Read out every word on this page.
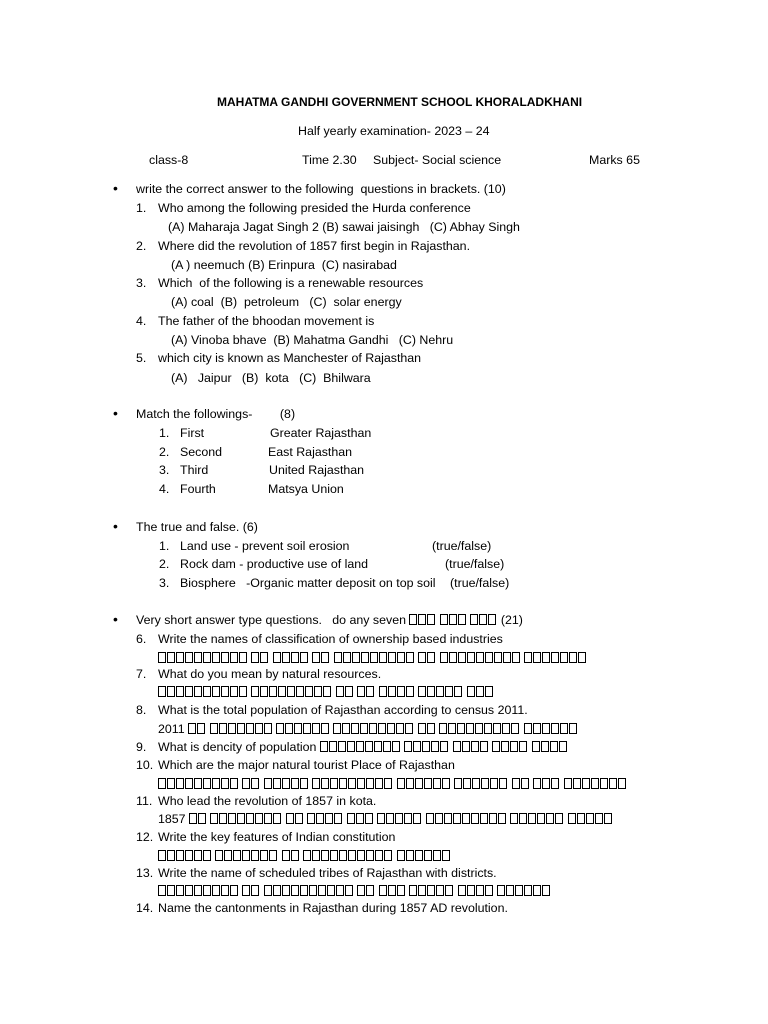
MAHATMA GANDHI GOVERNMENT SCHOOL KHORALADKHANI
Half yearly examination- 2023 – 24
class-8	Time 2.30 Subject- Social science	Marks 65
• write the correct answer to the following  questions in brackets. (10)
1. Who among the following presided the Hurda conference
(A) Maharaja Jagat Singh 2 (B) sawai jaisingh   (C) Abhay Singh
2. Where did the revolution of 1857 first begin in Rajasthan.
(A ) neemuch (B) Erinpura  (C) nasirabad
3. Which  of the following is a renewable resources
(A) coal  (B)  petroleum   (C)  solar energy
4. The father of the bhoodan movement is
(A) Vinoba bhave  (B) Mahatma Gandhi   (C) Nehru
5. which city is known as Manchester of Rajasthan
(A)   Jaipur   (B)  kota   (C)  Bhilwara
• Match the followings-        (8)
1. First	Greater Rajasthan
2. Second	East Rajasthan
3. Third	United Rajasthan
4. Fourth	Matsya Union
• The true and false. (6)
1. Land use - prevent soil erosion	(true/false)
2. Rock dam - productive use of land	(true/false)
3. Biosphere   -Organic matter deposit on top soil (true/false)
• Very short answer type questions.   do any seven	(21)
6. Write the names of classification of ownership based industries

7. What do you mean by natural resources.

8. What is the total population of Rajasthan according to census 2011.
2011
9. What is dencity of population
10. Which are the major natural tourist Place of Rajasthan

11. Who lead the revolution of 1857 in kota.
1857
12. Write the key features of Indian constitution

13. Write the name of scheduled tribes of Rajasthan with districts.

14. Name the cantonments in Rajasthan during 1857 AD revolution.
